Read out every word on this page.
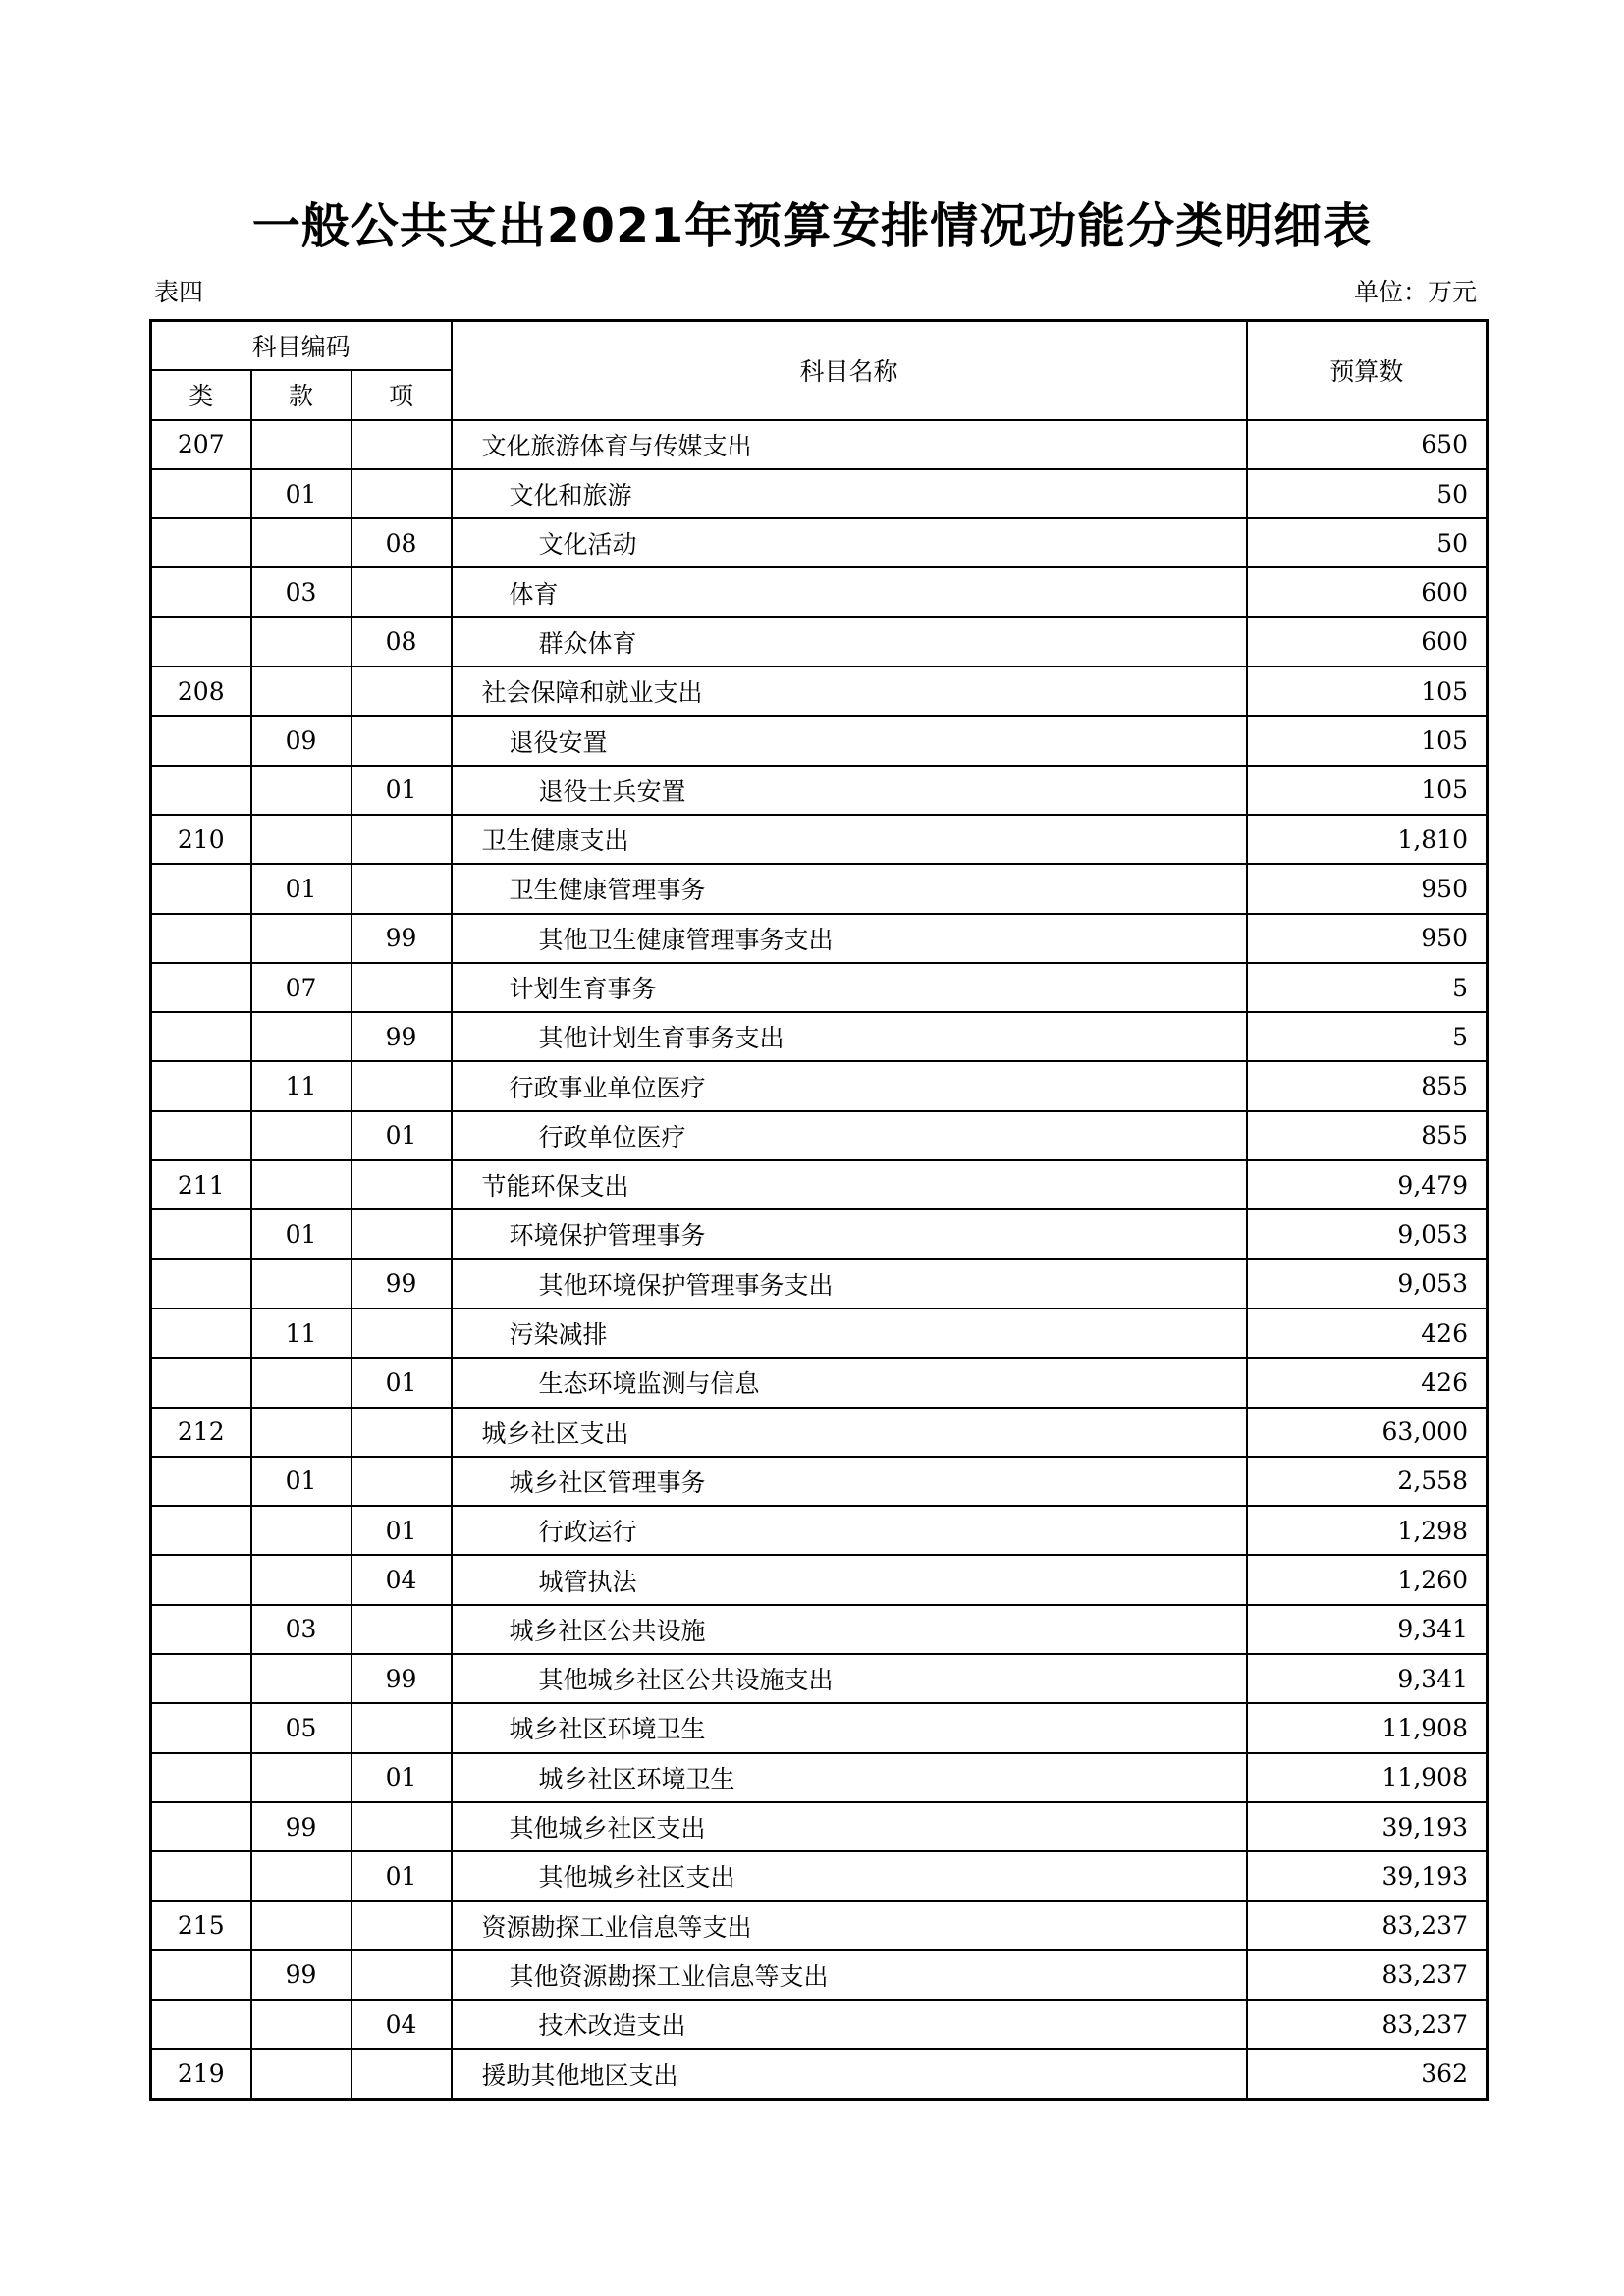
一般公共支出2021年预算安排情况功能分类明细表
表四	单位：万元
科目编码			科目名称	预算数
类	款	项		
207			文化旅游体育与传媒支出	650
	01		文化和旅游	50
		08	文化活动	50
	03		体育	600
		08	群众体育	600
208			社会保障和就业支出	105
	09		退役安置	105
		01	退役士兵安置	105
210			卫生健康支出	1,810
	01		卫生健康管理事务	950
		99	其他卫生健康管理事务支出	950
	07		计划生育事务	5
		99	其他计划生育事务支出	5
	11		行政事业单位医疗	855
		01	行政单位医疗	855
211			节能环保支出	9,479
	01		环境保护管理事务	9,053
		99	其他环境保护管理事务支出	9,053
	11		污染减排	426
		01	生态环境监测与信息	426
212			城乡社区支出	63,000
	01		城乡社区管理事务	2,558
		01	行政运行	1,298
		04	城管执法	1,260
	03		城乡社区公共设施	9,341
		99	其他城乡社区公共设施支出	9,341
	05		城乡社区环境卫生	11,908
		01	城乡社区环境卫生	11,908
	99		其他城乡社区支出	39,193
		01	其他城乡社区支出	39,193
215			资源勘探工业信息等支出	83,237
	99		其他资源勘探工业信息等支出	83,237
		04	技术改造支出	83,237
219			援助其他地区支出	362
